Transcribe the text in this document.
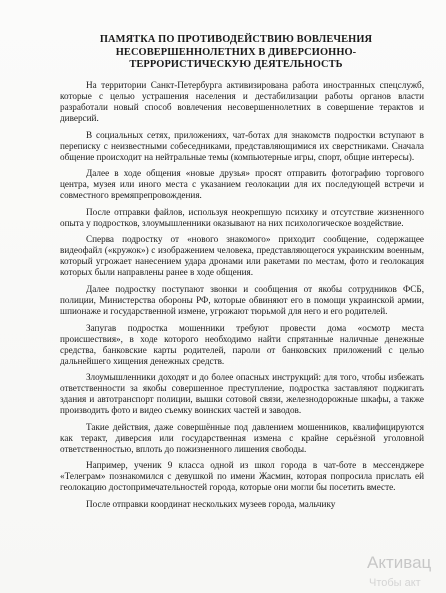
ПАМЯТКА ПО ПРОТИВОДЕЙСТВИЮ ВОВЛЕЧЕНИЯ
НЕСОВЕРШЕННОЛЕТНИХ В ДИВЕРСИОННО-
ТЕРРОРИСТИЧЕСКУЮ ДЕЯТЕЛЬНОСТЬ

На территории Санкт-Петербурга активизирована работа иностранных спецслужб, которые с целью устрашения населения и дестабилизации работы органов власти разработали новый способ вовлечения несовершеннолетних в совершение терактов и диверсий.

В социальных сетях, приложениях, чат-ботах для знакомств подростки вступают в переписку с неизвестными собеседниками, представляющимися их сверстниками. Сначала общение происходит на нейтральные темы (компьютерные игры, спорт, общие интересы).

Далее в ходе общения «новые друзья» просят отправить фотографию торгового центра, музея или иного места с указанием геолокации для их последующей встречи и совместного времяпрепровождения.

После отправки файлов, используя неокрепшую психику и отсутствие жизненного опыта у подростков, злоумышленники оказывают на них психологическое воздействие.

Сперва подростку от «нового знакомого» приходит сообщение, содержащее видеофайл («кружок») с изображением человека, представляющегося украинским военным, который угрожает нанесением удара дронами или ракетами по местам, фото и геолокация которых были направлены ранее в ходе общения.

Далее подростку поступают звонки и сообщения от якобы сотрудников ФСБ, полиции, Министерства обороны РФ, которые обвиняют его в помощи украинской армии, шпионаже и государственной измене, угрожают тюрьмой для него и его родителей.

Запугав подростка мошенники требуют провести дома «осмотр места происшествия», в ходе которого необходимо найти спрятанные наличные денежные средства, банковские карты родителей, пароли от банковских приложений с целью дальнейшего хищения денежных средств.

Злоумышленники доходят и до более опасных инструкций: для того, чтобы избежать ответственности за якобы совершенное преступление, подростка заставляют поджигать здания и автотранспорт полиции, вышки сотовой связи, железнодорожные шкафы, а также производить фото и видео съемку воинских частей и заводов.

Такие действия, даже совершённые под давлением мошенников, квалифицируются как теракт, диверсия или государственная измена с крайне серьёзной уголовной ответственностью, вплоть до пожизненного лишения свободы.

Например, ученик 9 класса одной из школ города в чат-боте в мессенджере «Телеграм» познакомился с девушкой по имени Жасмин, которая попросила прислать ей геолокацию достопримечательностей города, которые они могли бы посетить вместе.

После отправки координат нескольких музеев города, мальчику

Активац
Чтобы акт
